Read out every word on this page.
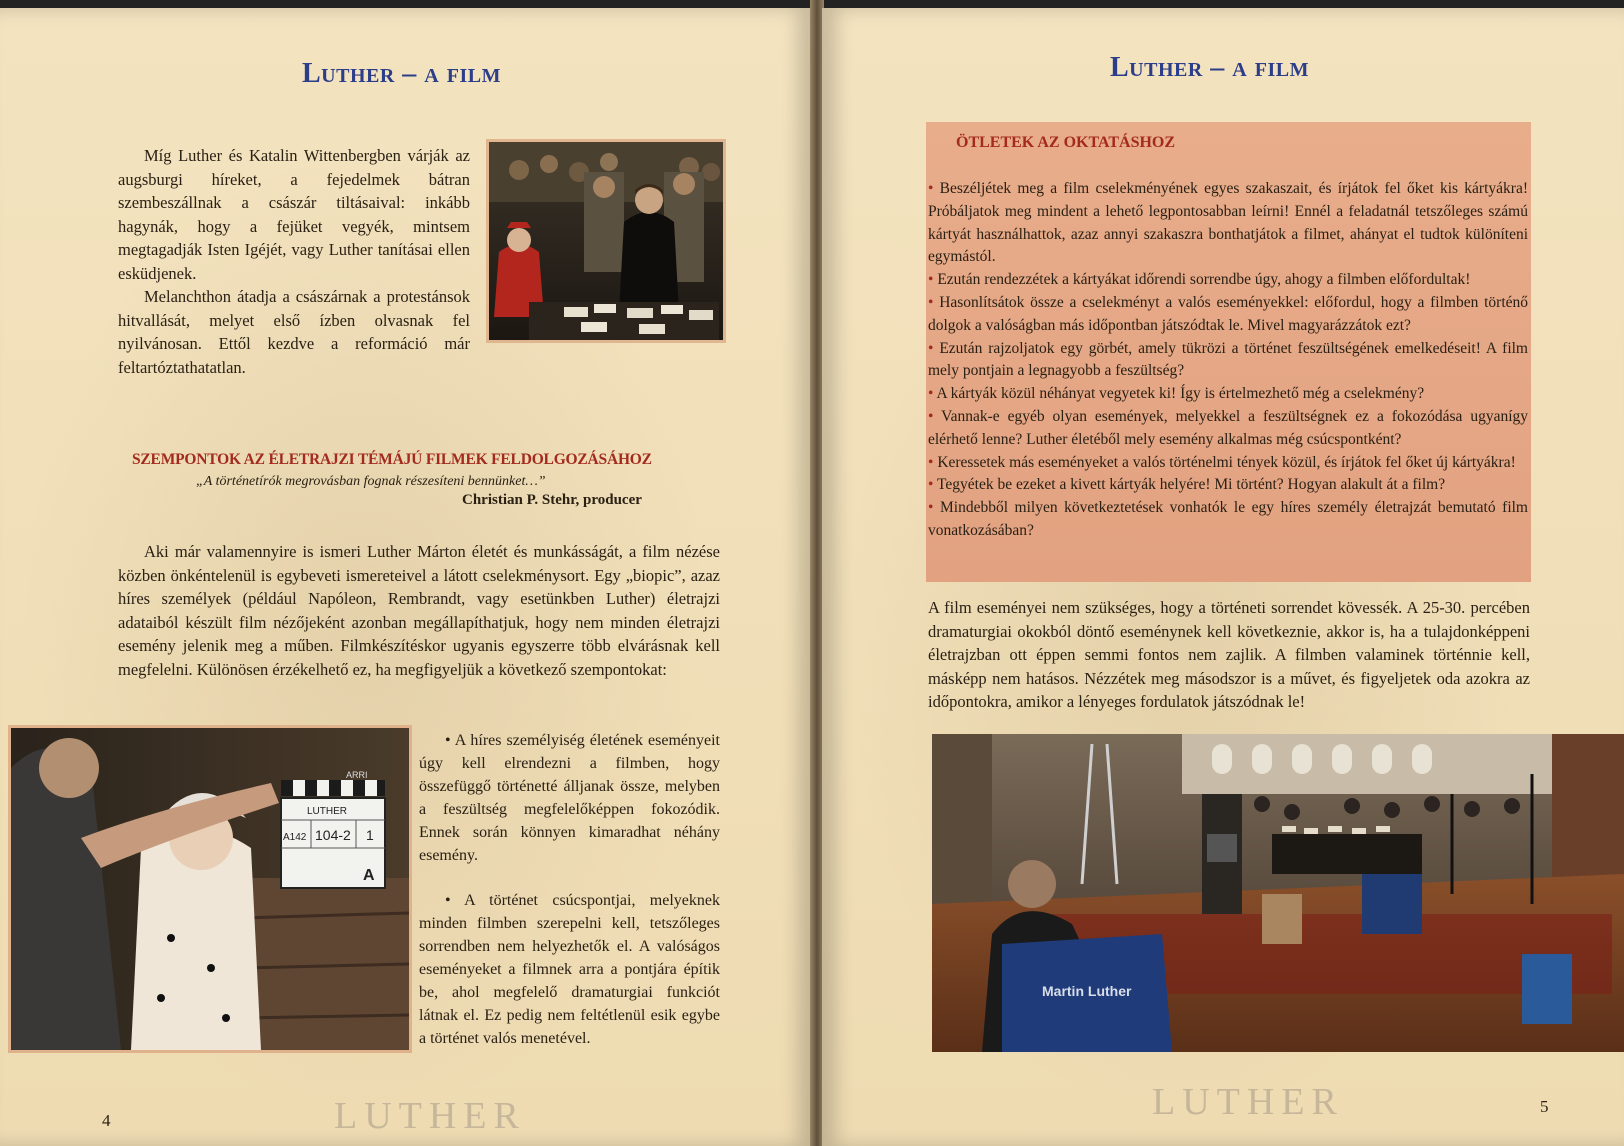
Luther – a film

Míg Luther és Katalin Wittenbergben várják az augsburgi híreket, a fejedelmek bátran szembeszállnak a császár tiltásaival: inkább hagynák, hogy a fejüket vegyék, mintsem megtagadják Isten Igéjét, vagy Luther tanításai ellen esküdjenek.

Melanchthon átadja a császárnak a protestánsok hitvallását, melyet első ízben olvasnak fel nyilvánosan. Ettől kezdve a reformáció már feltartóztathatatlan.

SZEMPONTOK AZ ÉLETRAJZI TÉMÁJÚ FILMEK FELDOLGOZÁSÁHOZ
„A történetírók megrovásban fognak részesíteni bennünket…”
Christian P. Stehr, producer

Aki már valamennyire is ismeri Luther Márton életét és munkásságát, a film nézése közben önkéntelenül is egybeveti ismereteivel a látott cselekménysort. Egy „biopic”, azaz híres személyek (például Napóleon, Rembrandt, vagy esetünkben Luther) életrajzi adataiból készült film nézőjeként azonban megállapíthatjuk, hogy nem minden életrajzi esemény jelenik meg a műben. Filmkészítéskor ugyanis egyszerre több elvárásnak kell megfelelni. Különösen érzékelhető ez, ha megfigyeljük a következő szempontokat:

ARRI
LUTHER
A142 104-2 1
A

• A híres személyiség életének eseményeit úgy kell elrendezni a filmben, hogy összefüggő történetté álljanak össze, melyben a feszültség megfelelőképpen fokozódik. Ennek során könnyen kimaradhat néhány esemény.

• A történet csúcspontjai, melyeknek minden filmben szerepelni kell, tetszőleges sorrendben nem helyezhetők el. A valóságos eseményeket a filmnek arra a pontjára építik be, ahol megfelelő dramaturgiai funkciót látnak el. Ez pedig nem feltétlenül esik egybe a történet valós menetével.

4	LUTHER
Luther – a film
ÖTLETEK AZ OKTATÁSHOZ

• Beszéljétek meg a film cselekményének egyes szakaszait, és írjátok fel őket kis kártyákra! Próbáljatok meg mindent a lehető legpontosabban leírni! Ennél a feladatnál tetszőleges számú kártyát használhattok, azaz annyi szakaszra bonthatjátok a filmet, ahányat el tudtok különíteni egymástól.

• Ezután rendezzétek a kártyákat időrendi sorrendbe úgy, ahogy a filmben előfordultak!

• Hasonlítsátok össze a cselekményt a valós eseményekkel: előfordul, hogy a filmben történő dolgok a valóságban más időpontban játszódtak le. Mivel magyarázzátok ezt?

• Ezután rajzoljatok egy görbét, amely tükrözi a történet feszültségének emelkedéseit! A film mely pontjain a legnagyobb a feszültség?

• A kártyák közül néhányat vegyetek ki! Így is értelmezhető még a cselekmény?

• Vannak-e egyéb olyan események, melyekkel a feszültségnek ez a fokozódása ugyanígy elérhető lenne? Luther életéből mely esemény alkalmas még csúcspontként?

• Keressetek más eseményeket a valós történelmi tények közül, és írjátok fel őket új kártyákra!

• Tegyétek be ezeket a kivett kártyák helyére! Mi történt? Hogyan alakult át a film?

• Mindebből milyen következtetések vonhatók le egy híres személy életrajzát bemutató film vonatkozásában?

A film eseményei nem szükséges, hogy a történeti sorrendet kövessék. A 25-30. percében dramaturgiai okokból döntő eseménynek kell következnie, akkor is, ha a tulajdonképpeni életrajzban ott éppen semmi fontos nem zajlik. A filmben valaminek történnie kell, másképp nem hatásos. Nézzétek meg másodszor is a művet, és figyeljetek oda azokra az időpontokra, amikor a lényeges fordulatok játszódnak le!

Martin Luther
5
LUTHER
